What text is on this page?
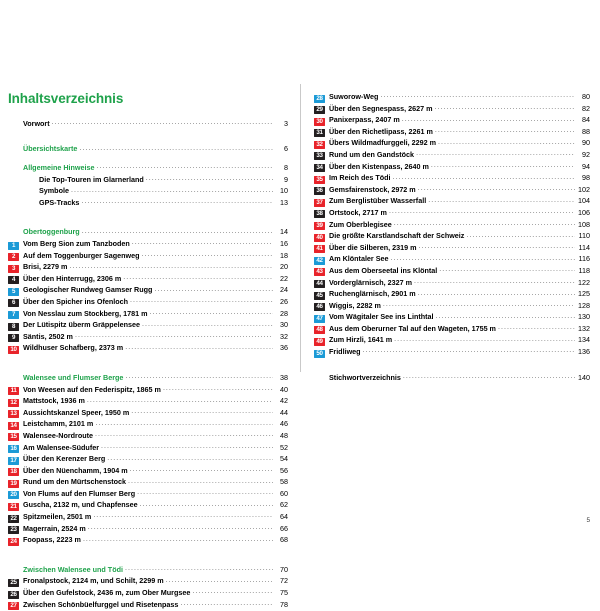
Inhaltsverzeichnis
Vorwort .....	3
Übersichtskarte .....	6
Allgemeine Hinweise .....	8
Die Top-Touren im Glarnerland .....	9
Symbole .....	10
GPS-Tracks .....	13
Obertoggenburg .....	14
1	Vom Berg Sion zum Tanzboden .....	16
2	Auf dem Toggenburger Sagenweg .....	18
3	Brisi, 2279 m .....	20
4	Über den Hinterrugg, 2306 m .....	22
5	Geologischer Rundweg Gamser Rugg .....	24
6	Über den Spicher ins Ofenloch .....	26
7	Von Nesslau zum Stockberg, 1781 m .....	28
8	Der Lütispitz überm Gräppelensee .....	30
9	Säntis, 2502 m .....	32
10 Wildhuser Schafberg, 2373 m .....	36
Walensee und Flumser Berge .....	38
11 Von Weesen auf den Federispitz, 1865 m .....	40
12 Mattstock, 1936 m .....	42
13 Aussichtskanzel Speer, 1950 m .....	44
14 Leistchamm, 2101 m .....	46
15 Walensee-Nordroute .....	48
16 Am Walensee-Südufer .....	52
17 Über den Kerenzer Berg .....	54
18 Über den Nüenchamm, 1904 m .....	56
19 Rund um den Mürtschenstock .....	58
20 Von Flums auf den Flumser Berg .....	60
21 Guscha, 2132 m, und Chapfensee .....	62
22 Spitzmeilen, 2501 m .....	64
23 Magerrain, 2524 m .....	66
24 Foopass, 2223 m .....	68
Zwischen Walensee und Tödi .....	70
25 Fronalpstock, 2124 m, und Schilt, 2299 m .....	72
26 Über den Gufelstock, 2436 m, zum Ober Murgsee .....	75
27 Zwischen Schönbüelfurggel und Risetenpass .....	78
28 Suworow-Weg .....	80
29 Über den Segnespass, 2627 m .....	82
30 Panixerpass, 2407 m .....	84
31 Über den Richetlipass, 2261 m .....	88
32 Übers Wildmadfurggeli, 2292 m .....	90
33 Rund um den Gandstöck .....	92
34 Über den Kistenpass, 2640 m .....	94
35 Im Reich des Tödi .....	98
36 Gemsfairenstock, 2972 m .....	102
37 Zum Berglistüber Wasserfall .....	104
38 Ortstock, 2717 m .....	106
39 Zum Oberblegisee .....	108
40 Die größte Karstlandschaft der Schweiz .....	110
41 Über die Silberen, 2319 m .....	114
42 Am Klöntaler See .....	116
43 Aus dem Oberseetal ins Klöntal .....	118
44 Vorderglärnisch, 2327 m .....	122
45 Ruchenglärnisch, 2901 m .....	125
46 Wiggis, 2282 m .....	128
47 Vom Wägitaler See ins Linthtal .....	130
48 Aus dem Oberurner Tal auf den Wageten, 1755 m .....	132
49 Zum Hirzli, 1641 m .....	134
50 Fridliweg .....	136
Stichwortverzeichnis .....	140
4	5
